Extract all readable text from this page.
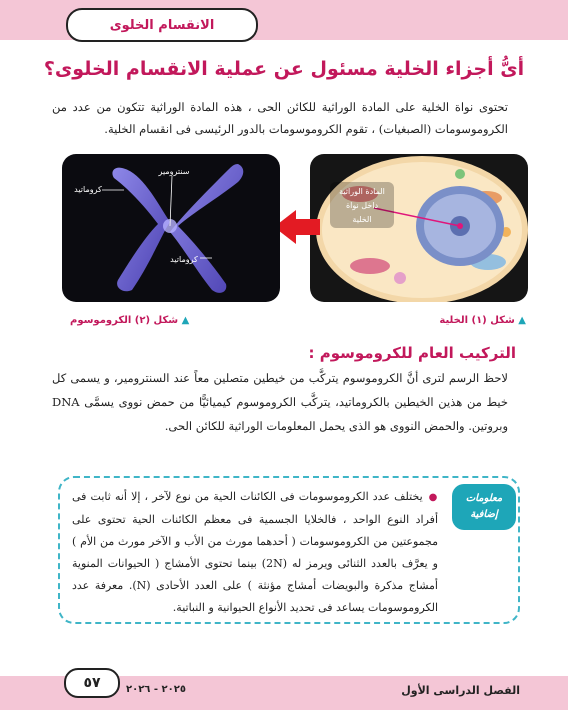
الانقسام الخلوى
أىُّ أجزاء الخلية مسئول عن عملية الانقسام الخلوى؟
تحتوى نواة الخلية على المادة الوراثية للكائن الحى ، هذه المادة الوراثية تتكون من عدد من الكروموسومات (الصبغيات) ، تقوم الكروموسومات بالدور الرئيسى فى انقسام الخلية.
المادة الوراثية
داخل نواة
الخلية
سنترومير
كروماتيد
كروماتيد
▲ شكل (١) الخلية
▲ شكل (٢) الكروموسوم
التركيب العام للكروموسوم :
لاحظ الرسم لترى أنَّ الكروموسوم يتركَّب من خيطين متصلين معاً عند السنترومير، و يسمى كل خيط من هذين الخيطين بالكروماتيد، يتركَّب الكروموسوم كيميائيًّا من حمض نووى يسمَّى DNA وبروتين. والحمض النووى هو الذى يحمل المعلومات الوراثية للكائن الحى.
معلومات
إضافية
●يختلف عدد الكروموسومات فى الكائنات الحية من نوع لآخر ، إلا أنه ثابت فى أفراد النوع الواحد ، فالخلايا الجسمية فى معظم الكائنات الحية تحتوى على مجموعتين من الكروموسومات ( أحدهما مورث من الأب و الآخر مورث من الأم ) و يعرَّف بالعدد الثنائى ويرمز له (2N) بينما تحتوى الأمشاج ( الحيوانات المنوية أمشاج مذكرة والبويضات أمشاج مؤنثة ) على العدد الأحادى (N). معرفة عدد الكروموسومات يساعد فى تحديد الأنواع الحيوانية و النباتية.
٥٧	٢٠٢٥ - ٢٠٢٦	الفصل الدراسى الأول
